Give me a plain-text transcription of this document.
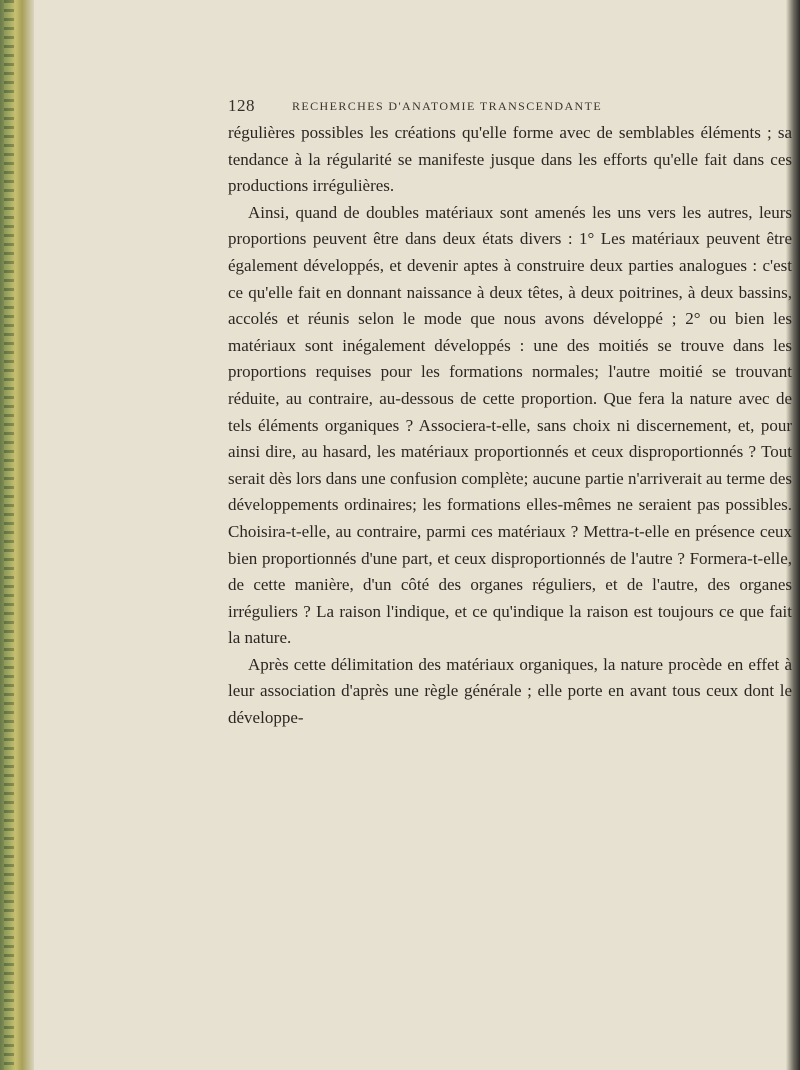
128	RECHERCHES D'ANATOMIE TRANSCENDANTE

régulières possibles les créations qu'elle forme avec de semblables éléments ; sa tendance à la régularité se manifeste jusque dans les efforts qu'elle fait dans ces productions irrégulières.

Ainsi, quand de doubles matériaux sont amenés les uns vers les autres, leurs proportions peuvent être dans deux états divers : 1° Les matériaux peuvent être également développés, et devenir aptes à construire deux parties analogues : c'est ce qu'elle fait en donnant naissance à deux têtes, à deux poitrines, à deux bassins, accolés et réunis selon le mode que nous avons développé ; 2° ou bien les matériaux sont inégalement développés : une des moitiés se trouve dans les proportions requises pour les formations normales; l'autre moitié se trouvant réduite, au contraire, au-dessous de cette proportion. Que fera la nature avec de tels éléments organiques ? Associera-t-elle, sans choix ni discernement, et, pour ainsi dire, au hasard, les matériaux proportionnés et ceux disproportionnés ? Tout serait dès lors dans une confusion complète; aucune partie n'arriverait au terme des développements ordinaires; les formations elles-mêmes ne seraient pas possibles. Choisira-t-elle, au contraire, parmi ces matériaux ? Mettra-t-elle en présence ceux bien proportionnés d'une part, et ceux disproportionnés de l'autre ? Formera-t-elle, de cette manière, d'un côté des organes réguliers, et de l'autre, des organes irréguliers ? La raison l'indique, et ce qu'indique la raison est toujours ce que fait la nature.

Après cette délimitation des matériaux organiques, la nature procède en effet à leur association d'après une règle générale ; elle porte en avant tous ceux dont le développe-
